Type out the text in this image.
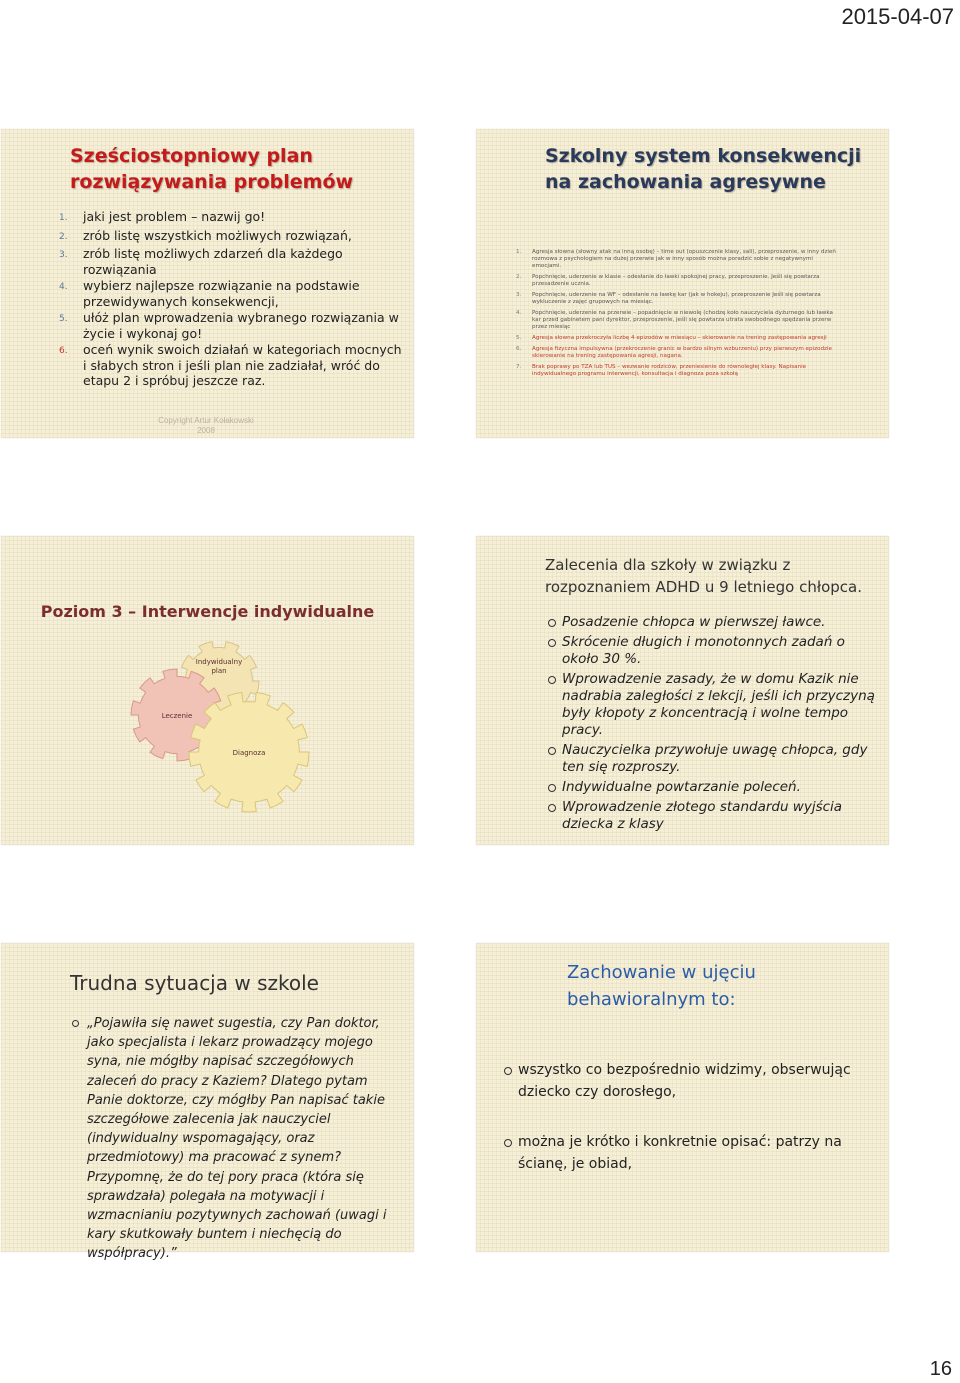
2015-04-07
Sześciostopniowy plan rozwiązywania problemów
1.	jaki jest problem – nazwij go!
2.	zrób listę wszystkich możliwych rozwiązań,
3.	zrób listę możliwych zdarzeń dla każdego rozwiązania
4.	wybierz najlepsze rozwiązanie na podstawie przewidywanych konsekwencji,
5.	ułóż plan wprowadzenia wybranego rozwiązania w życie i wykonaj go!
6.	oceń wynik swoich działań w kategoriach mocnych i słabych stron i jeśli plan nie zadziałał, wróć do etapu 2 i spróbuj jeszcze raz.
Copyright Artur Kołakowski
2008
Szkolny system konsekwencji na zachowania agresywne
1.	Agresja słowna (słowny atak na inną osobę) – time out (opuszczenie klasy, sali), przeproszenie, w inny dzień rozmowa z psychologiem na dużej przerwie jak w inny sposób można poradzić sobie z negatywnymi emocjami.
2.	Popchnięcie, uderzenie w klasie – odesłanie do ławki spokojnej pracy, przeproszenie. Jeśli się powtarza przesadzenie ucznia.
3.	Popchnięcie, uderzenie na WF – odesłanie na ławkę kar (jak w hokeju), przeproszenie Jeśli się powtarza wykluczenie z zajęć grupowych na miesiąc.
4.	Popchnięcie, uderzenie na przerwie – popadnięcie w niewolę (chodzę koło nauczyciela dyżurnego lub ławka kar przed gabinetem pani dyrektor, przeproszenie, jeśli się powtarza utrata swobodnego spędzania przerw przez miesiąc
5.	Agresja słowna przekroczyła liczbę 4 epizodów w miesiącu – skierowanie na trening zastępowania agresji
6.	Agresja fizyczna impulsywna (przekroczenie granic w bardzo silnym wzburzeniu) przy pierwszym epizodzie skierowanie na trening zastępowania agresji, nagana.
7.	Brak poprawy po TZA lub TUS – wezwanie rodziców, przeniesienie do równoległej klasy. Napisanie indywidualnego programu interwencji, konsultacja i diagnoza poza szkołą
Poziom 3 – Interwencje indywidualne
Indywidualny
plan
Leczenie
Diagnoza
Zalecenia dla szkoły w związku z rozpoznaniem ADHD u 9 letniego chłopca.
Posadzenie chłopca w pierwszej ławce.
Skrócenie długich i monotonnych zadań o około 30 %.
Wprowadzenie zasady, że w domu Kazik nie nadrabia zaległości z lekcji, jeśli ich przyczyną były kłopoty z koncentracją i wolne tempo pracy.
Nauczycielka przywołuje uwagę chłopca, gdy ten się rozproszy.
Indywidualne powtarzanie poleceń.
Wprowadzenie złotego standardu wyjścia dziecka z klasy
Trudna sytuacja w szkole
„Pojawiła się nawet sugestia, czy Pan doktor, jako specjalista i lekarz prowadzący mojego syna, nie mógłby napisać szczegółowych zaleceń do pracy z Kaziem? Dlatego pytam Panie doktorze, czy mógłby Pan napisać takie szczegółowe zalecenia jak nauczyciel (indywidualny wspomagający, oraz przedmiotowy) ma pracować z synem? Przypomnę, że do tej pory praca (która się sprawdzała) polegała na motywacji i wzmacnianiu pozytywnych zachowań (uwagi i kary skutkowały buntem i niechęcią do współpracy).”
Zachowanie w ujęciu behawioralnym to:
wszystko co bezpośrednio widzimy, obserwując dziecko czy dorosłego,
można je krótko i konkretnie opisać: patrzy na ścianę, je obiad,
16
